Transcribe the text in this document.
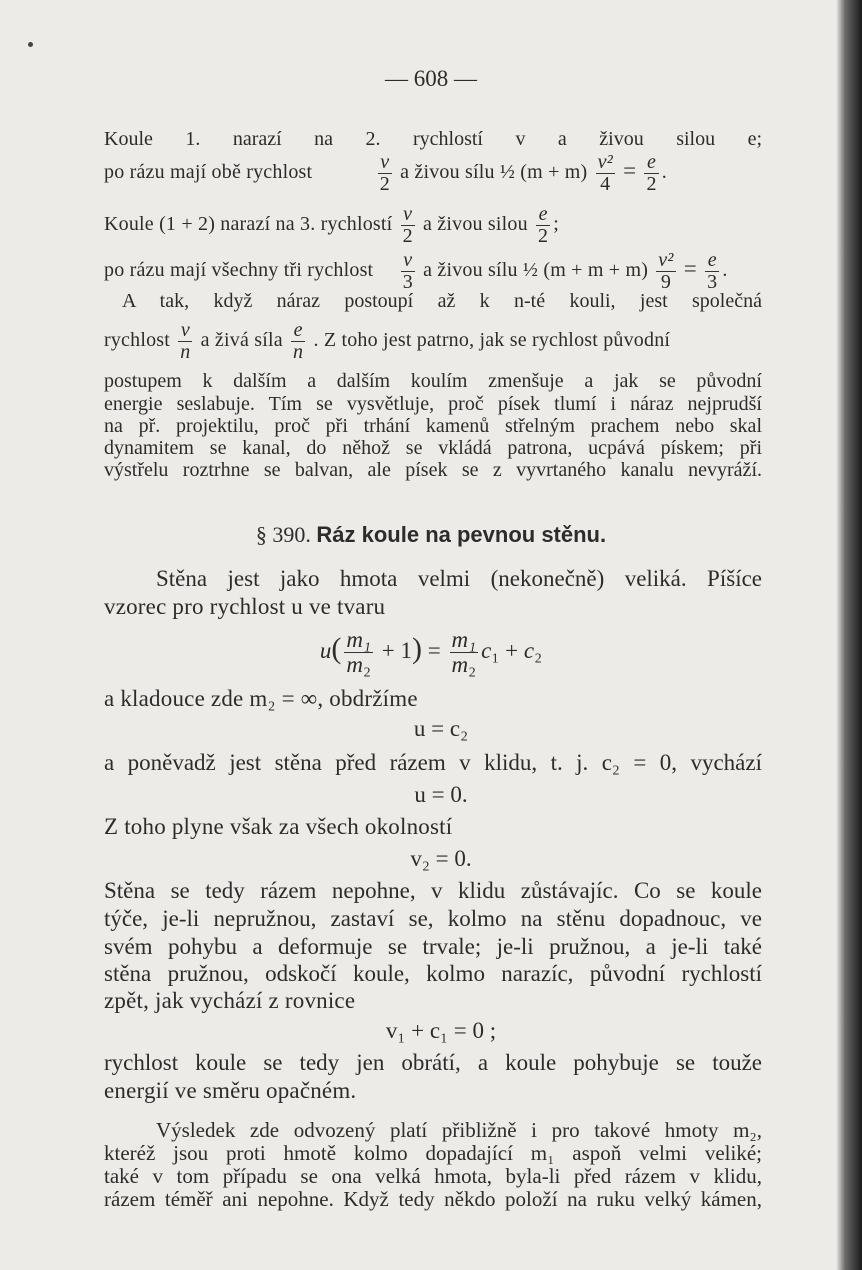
— 608 —
Koule 1. narazí na 2. rychlostí v a živou silou e;
po rázu mají obě rychlost	$\frac{v}{2}$ a živou sílu ½ $(m + m) \frac{\text{v²}}{4} = \frac{e}{2}$ .
Koule (1 + 2) narazí na 3. rychlostí $\frac{v}{2}$ a živou silou $\frac{e}{2}$ ;
po rázu mají všechny tři rychlost $\frac{v}{3}$ a živou sílu ½ $(m + m + m) \frac{\text{v²}}{9} = \frac{e}{3}$ .
A tak, když náraz postoupí až k n-té kouli, jest společná
rychlost $\frac{v}{n}$ a živá síla $\frac{e}{n}$ . Z toho jest patrno, jak se rychlost původní
postupem k dalším a dalším koulím zmenšuje a jak se původní
energie seslabuje. Tím se vysvětluje, proč písek tlumí i náraz nejprudší
na př. projektilu, proč při trhání kamenů střelným prachem nebo skal
dynamitem se kanal, do něhož se vkládá patrona, ucpává pískem; při
výstřelu roztrhne se balvan, ale písek se z vyvrtaného kanalu nevyráží.
§ 390. Ráz koule na pevnou stěnu.
Stěna jest jako hmota velmi (nekonečně) veliká. Píšíce
vzorec pro rychlost u ve tvaru
$u( \frac{\text{m₁}}{\text{m₂}} + 1) = \frac{\text{m₁}}{\text{m₂}} c_1 + c_2$
a kladouce zde m₂ = ∞, obdržíme
u = c₂
a poněvadž jest stěna před rázem v klidu, t. j. c₂ = 0, vychází
u = 0.
Z toho plyne však za všech okolností
v₂ = 0.
Stěna se tedy rázem nepohne, v klidu zůstávajíc. Co se koule
týče, je-li nepružnou, zastaví se, kolmo na stěnu dopadnouc, ve
svém pohybu a deformuje se trvale; je-li pružnou, a je-li také
stěna pružnou, odskočí koule, kolmo narazíc, původní rychlostí
zpět, jak vychází z rovnice
v₁ + c₁ = 0 ;
rychlost koule se tedy jen obrátí, a koule pohybuje se touže
energií ve směru opačném.
Výsledek zde odvozený platí přibližně i pro takové hmoty m₂,
kteréž jsou proti hmotě kolmo dopadající m₁ aspoň velmi veliké;
také v tom případu se ona velká hmota, byla-li před rázem v klidu,
rázem téměř ani nepohne. Když tedy někdo položí na ruku velký kámen,
